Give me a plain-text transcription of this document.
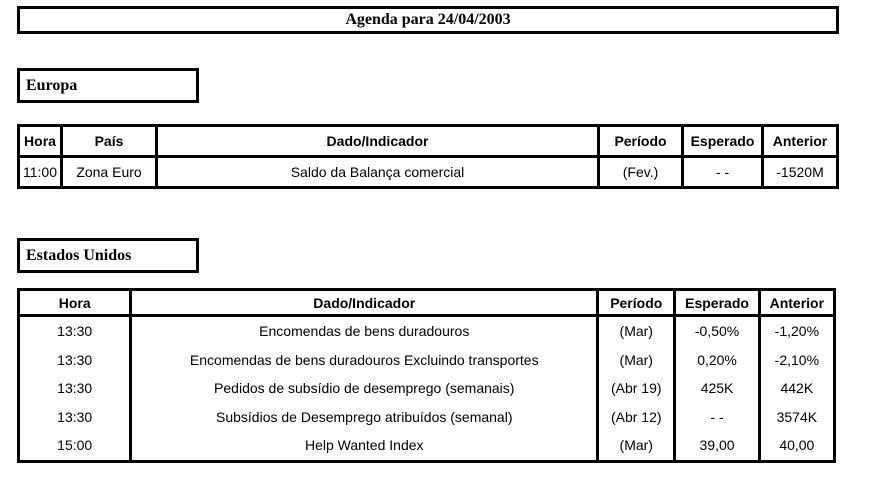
Agenda para 24/04/2003
Europa
Hora	País	Dado/Indicador	Período	Esperado	Anterior
11:00	Zona Euro	Saldo da Balança comercial	(Fev.)	- -	-1520M
Estados Unidos
Hora	Dado/Indicador	Período	Esperado	Anterior
13:30	Encomendas de bens duradouros	(Mar)	-0,50%	-1,20%
13:30	Encomendas de bens duradouros Excluindo transportes	(Mar)	0,20%	-2,10%
13:30	Pedidos de subsídio de desemprego (semanais)	(Abr 19)	425K	442K
13:30	Subsídios de Desemprego atribuídos (semanal)	(Abr 12)	- -	3574K
15:00	Help Wanted Index	(Mar)	39,00	40,00
